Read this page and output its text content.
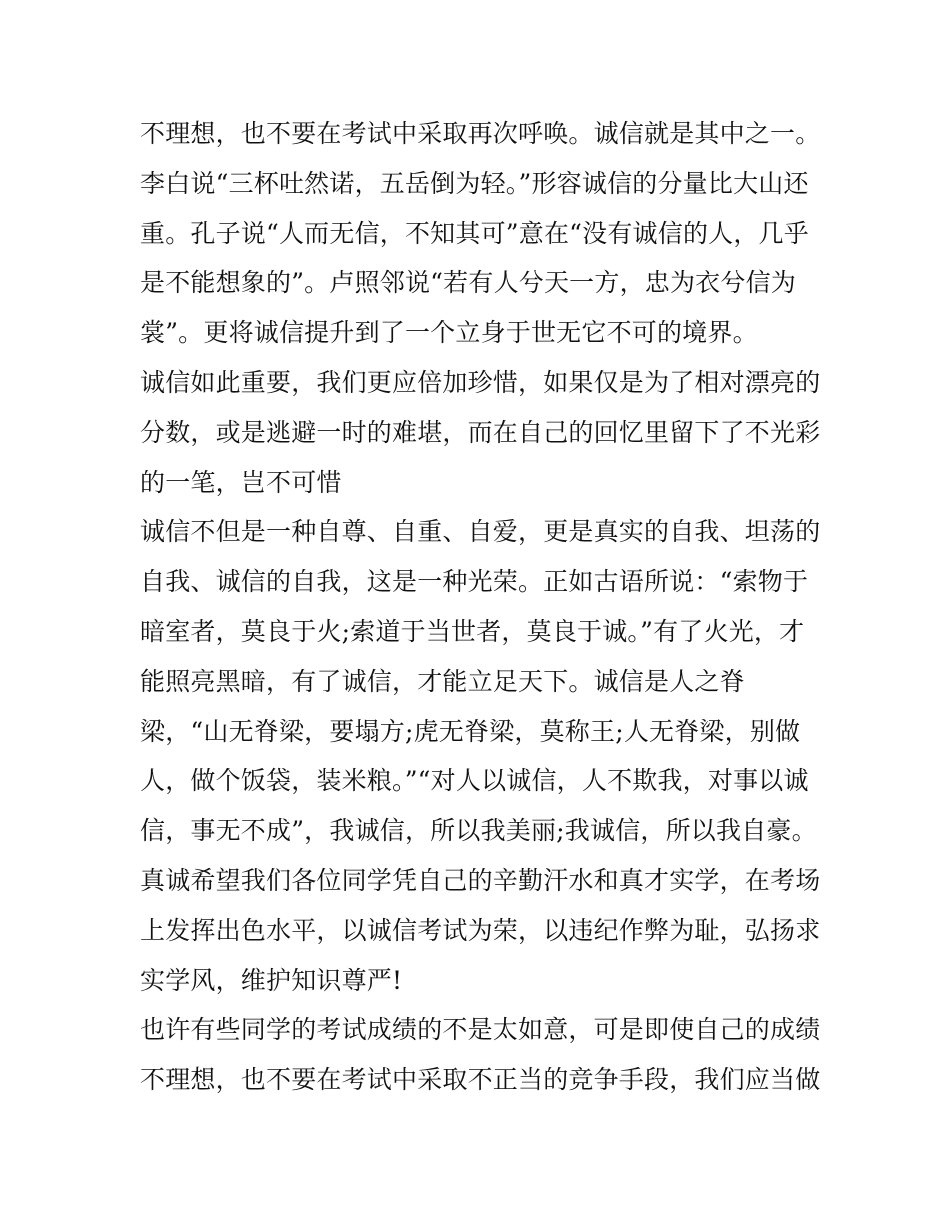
不理想，也不要在考试中采取再次呼唤。诚信就是其中之一。
李白说“三杯吐然诺，五岳倒为轻。”形容诚信的分量比大山还
重。孔子说“人而无信，不知其可”意在“没有诚信的人，几乎
是不能想象的”。卢照邻说“若有人兮天一方，忠为衣兮信为
裳”。更将诚信提升到了一个立身于世无它不可的境界。
诚信如此重要，我们更应倍加珍惜，如果仅是为了相对漂亮的
分数，或是逃避一时的难堪，而在自己的回忆里留下了不光彩
的一笔，岂不可惜
诚信不但是一种自尊、自重、自爱，更是真实的自我、坦荡的
自我、诚信的自我，这是一种光荣。正如古语所说：“索物于
暗室者，莫良于火;索道于当世者，莫良于诚。”有了火光，才
能照亮黑暗，有了诚信，才能立足天下。诚信是人之脊
梁，“山无脊梁，要塌方;虎无脊梁，莫称王;人无脊梁，别做
人，做个饭袋，装米粮。”“对人以诚信，人不欺我，对事以诚
信，事无不成”，我诚信，所以我美丽;我诚信，所以我自豪。
真诚希望我们各位同学凭自己的辛勤汗水和真才实学，在考场
上发挥出色水平，以诚信考试为荣，以违纪作弊为耻，弘扬求
实学风，维护知识尊严!
也许有些同学的考试成绩的不是太如意，可是即使自己的成绩
不理想，也不要在考试中采取不正当的竞争手段，我们应当做
